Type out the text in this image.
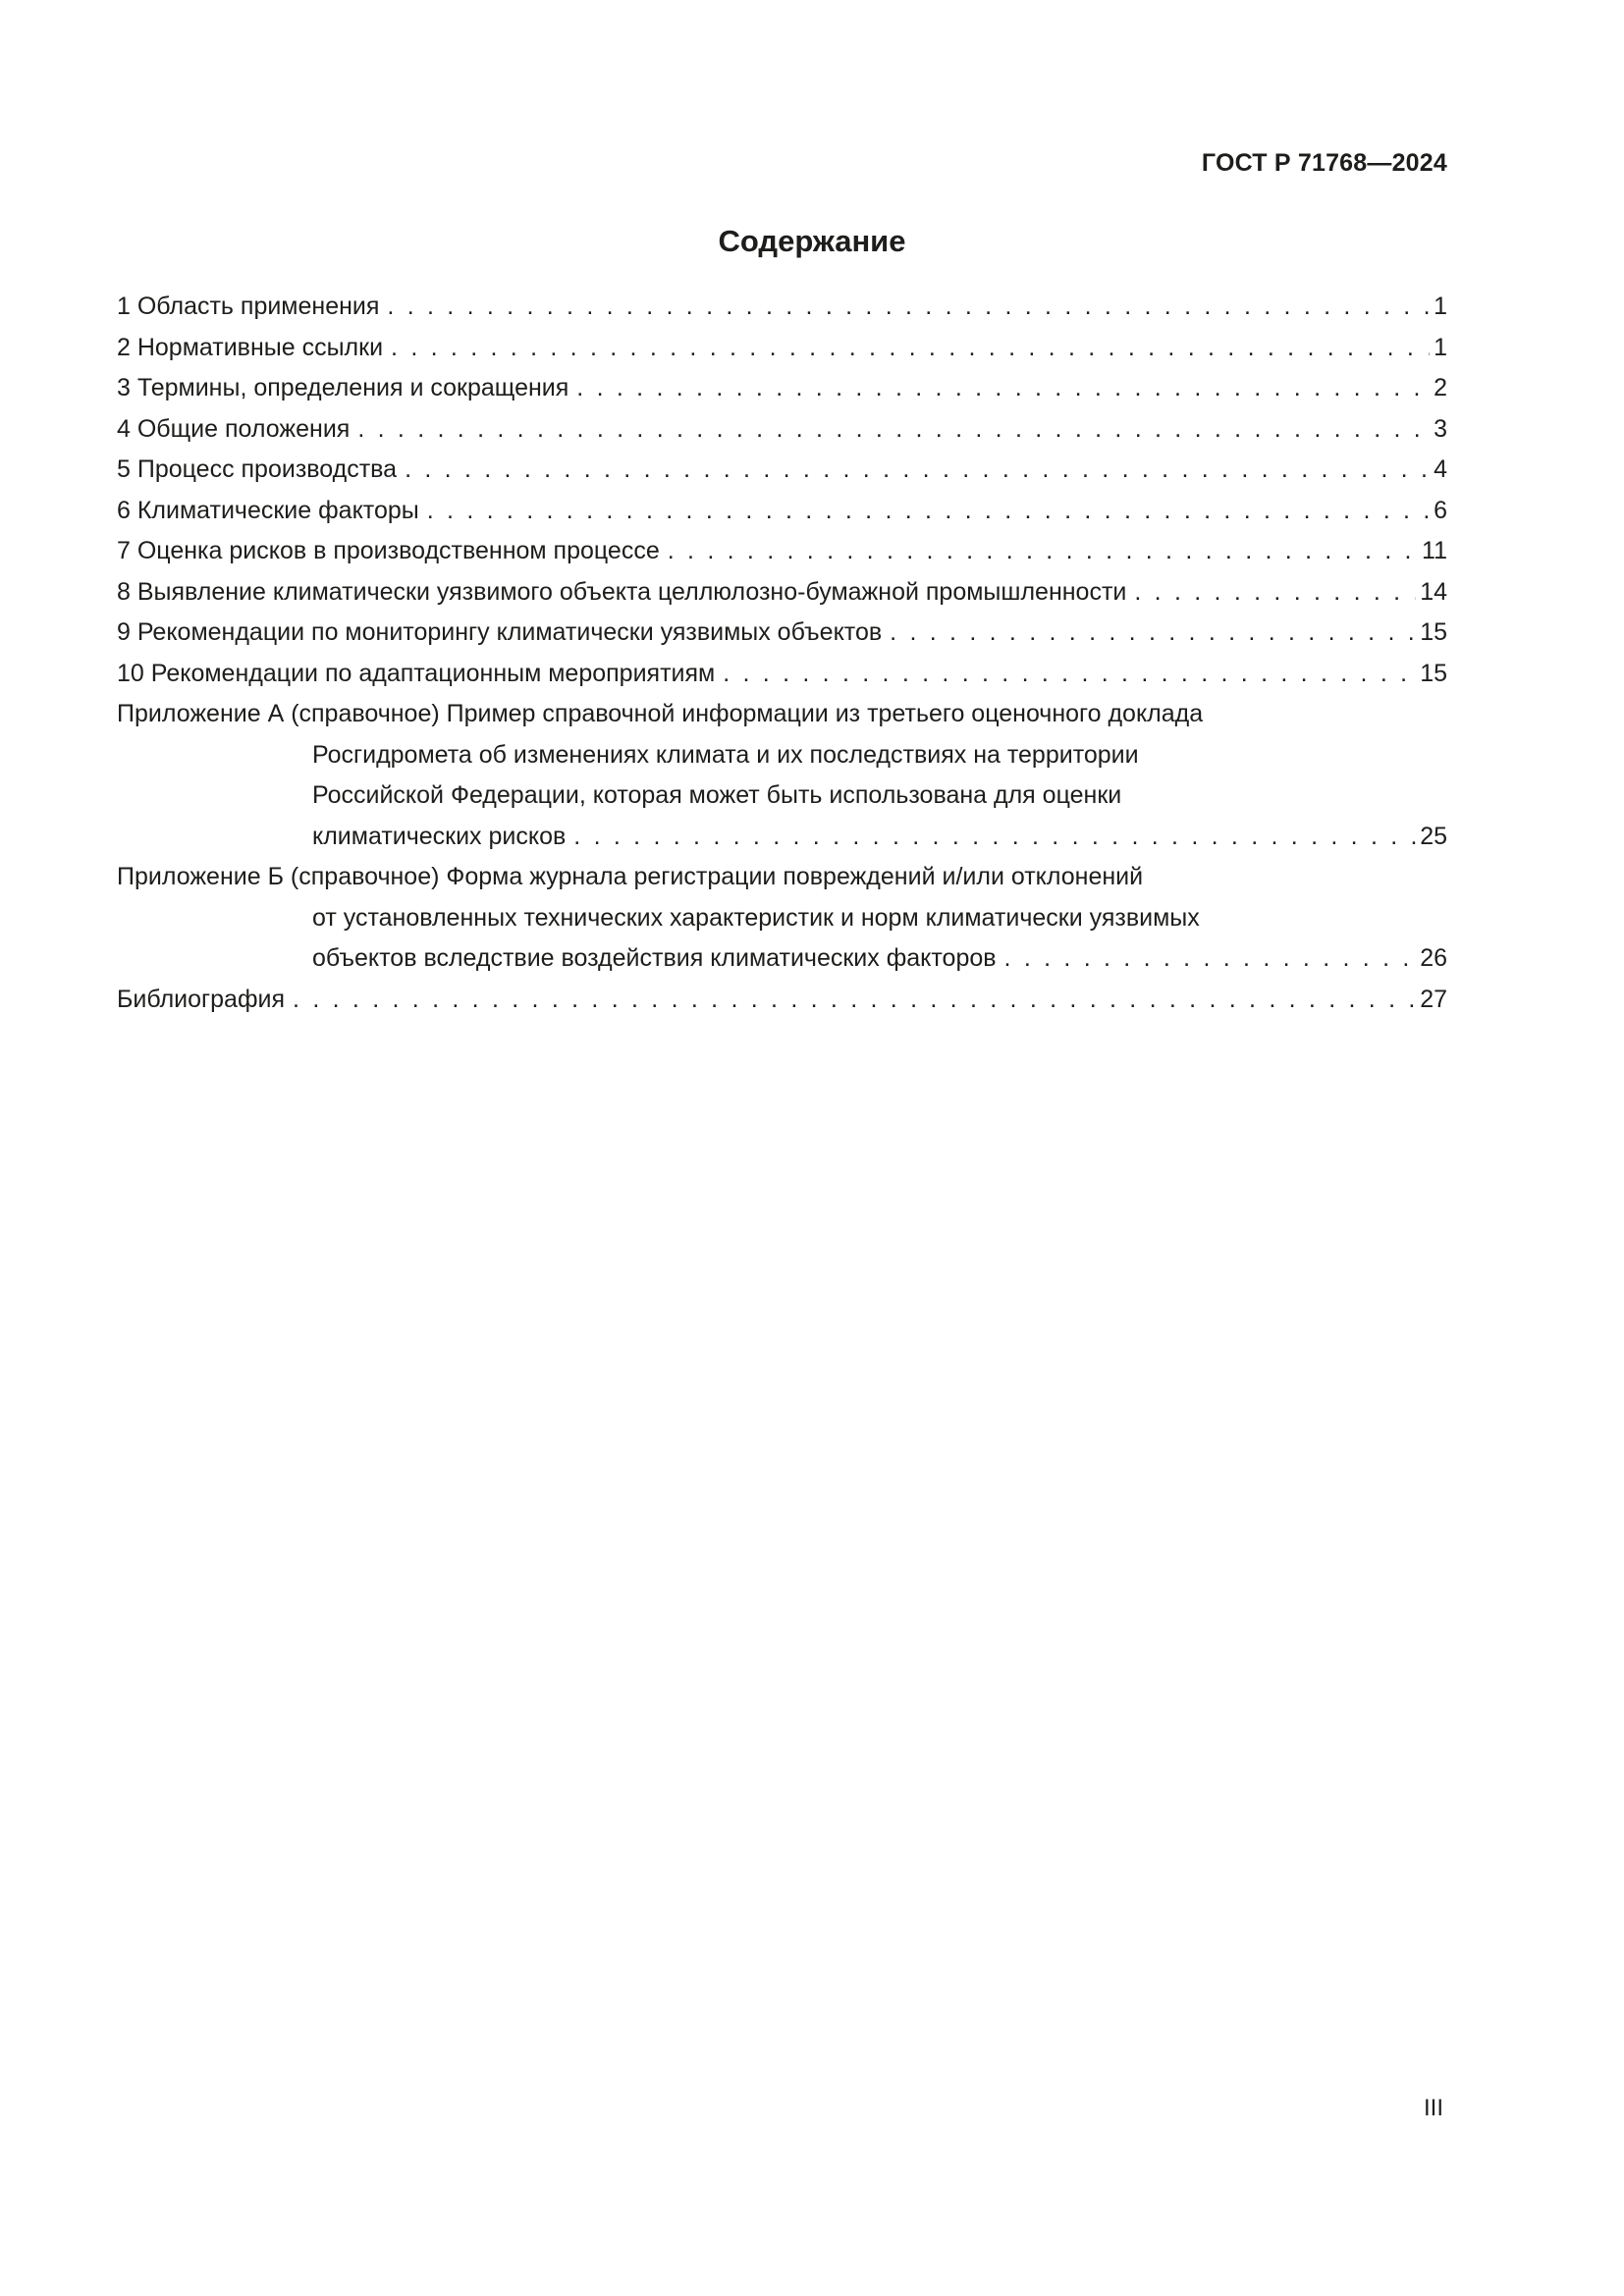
ГОСТ Р 71768—2024
Содержание
1 Область применения . . .	1
2 Нормативные ссылки . . .	1
3 Термины, определения и сокращения . . .	2
4 Общие положения . . .	3
5 Процесс производства . . .	4
6 Климатические факторы . . .	6
7 Оценка рисков в производственном процессе . . .	11
8 Выявление климатически уязвимого объекта целлюлозно-бумажной промышленности . . .	14
9 Рекомендации по мониторингу климатически уязвимых объектов . . .	15
10 Рекомендации по адаптационным мероприятиям . . .	15
Приложение А (справочное) Пример справочной информации из третьего оценочного доклада
Росгидромета об изменениях климата и их последствиях на территории
Российской Федерации, которая может быть использована для оценки
климатических рисков . . .	25
Приложение Б (справочное) Форма журнала регистрации повреждений и/или отклонений
от установленных технических характеристик и норм климатически уязвимых
объектов вследствие воздействия климатических факторов . . .	26
Библиография . . .	27
III
